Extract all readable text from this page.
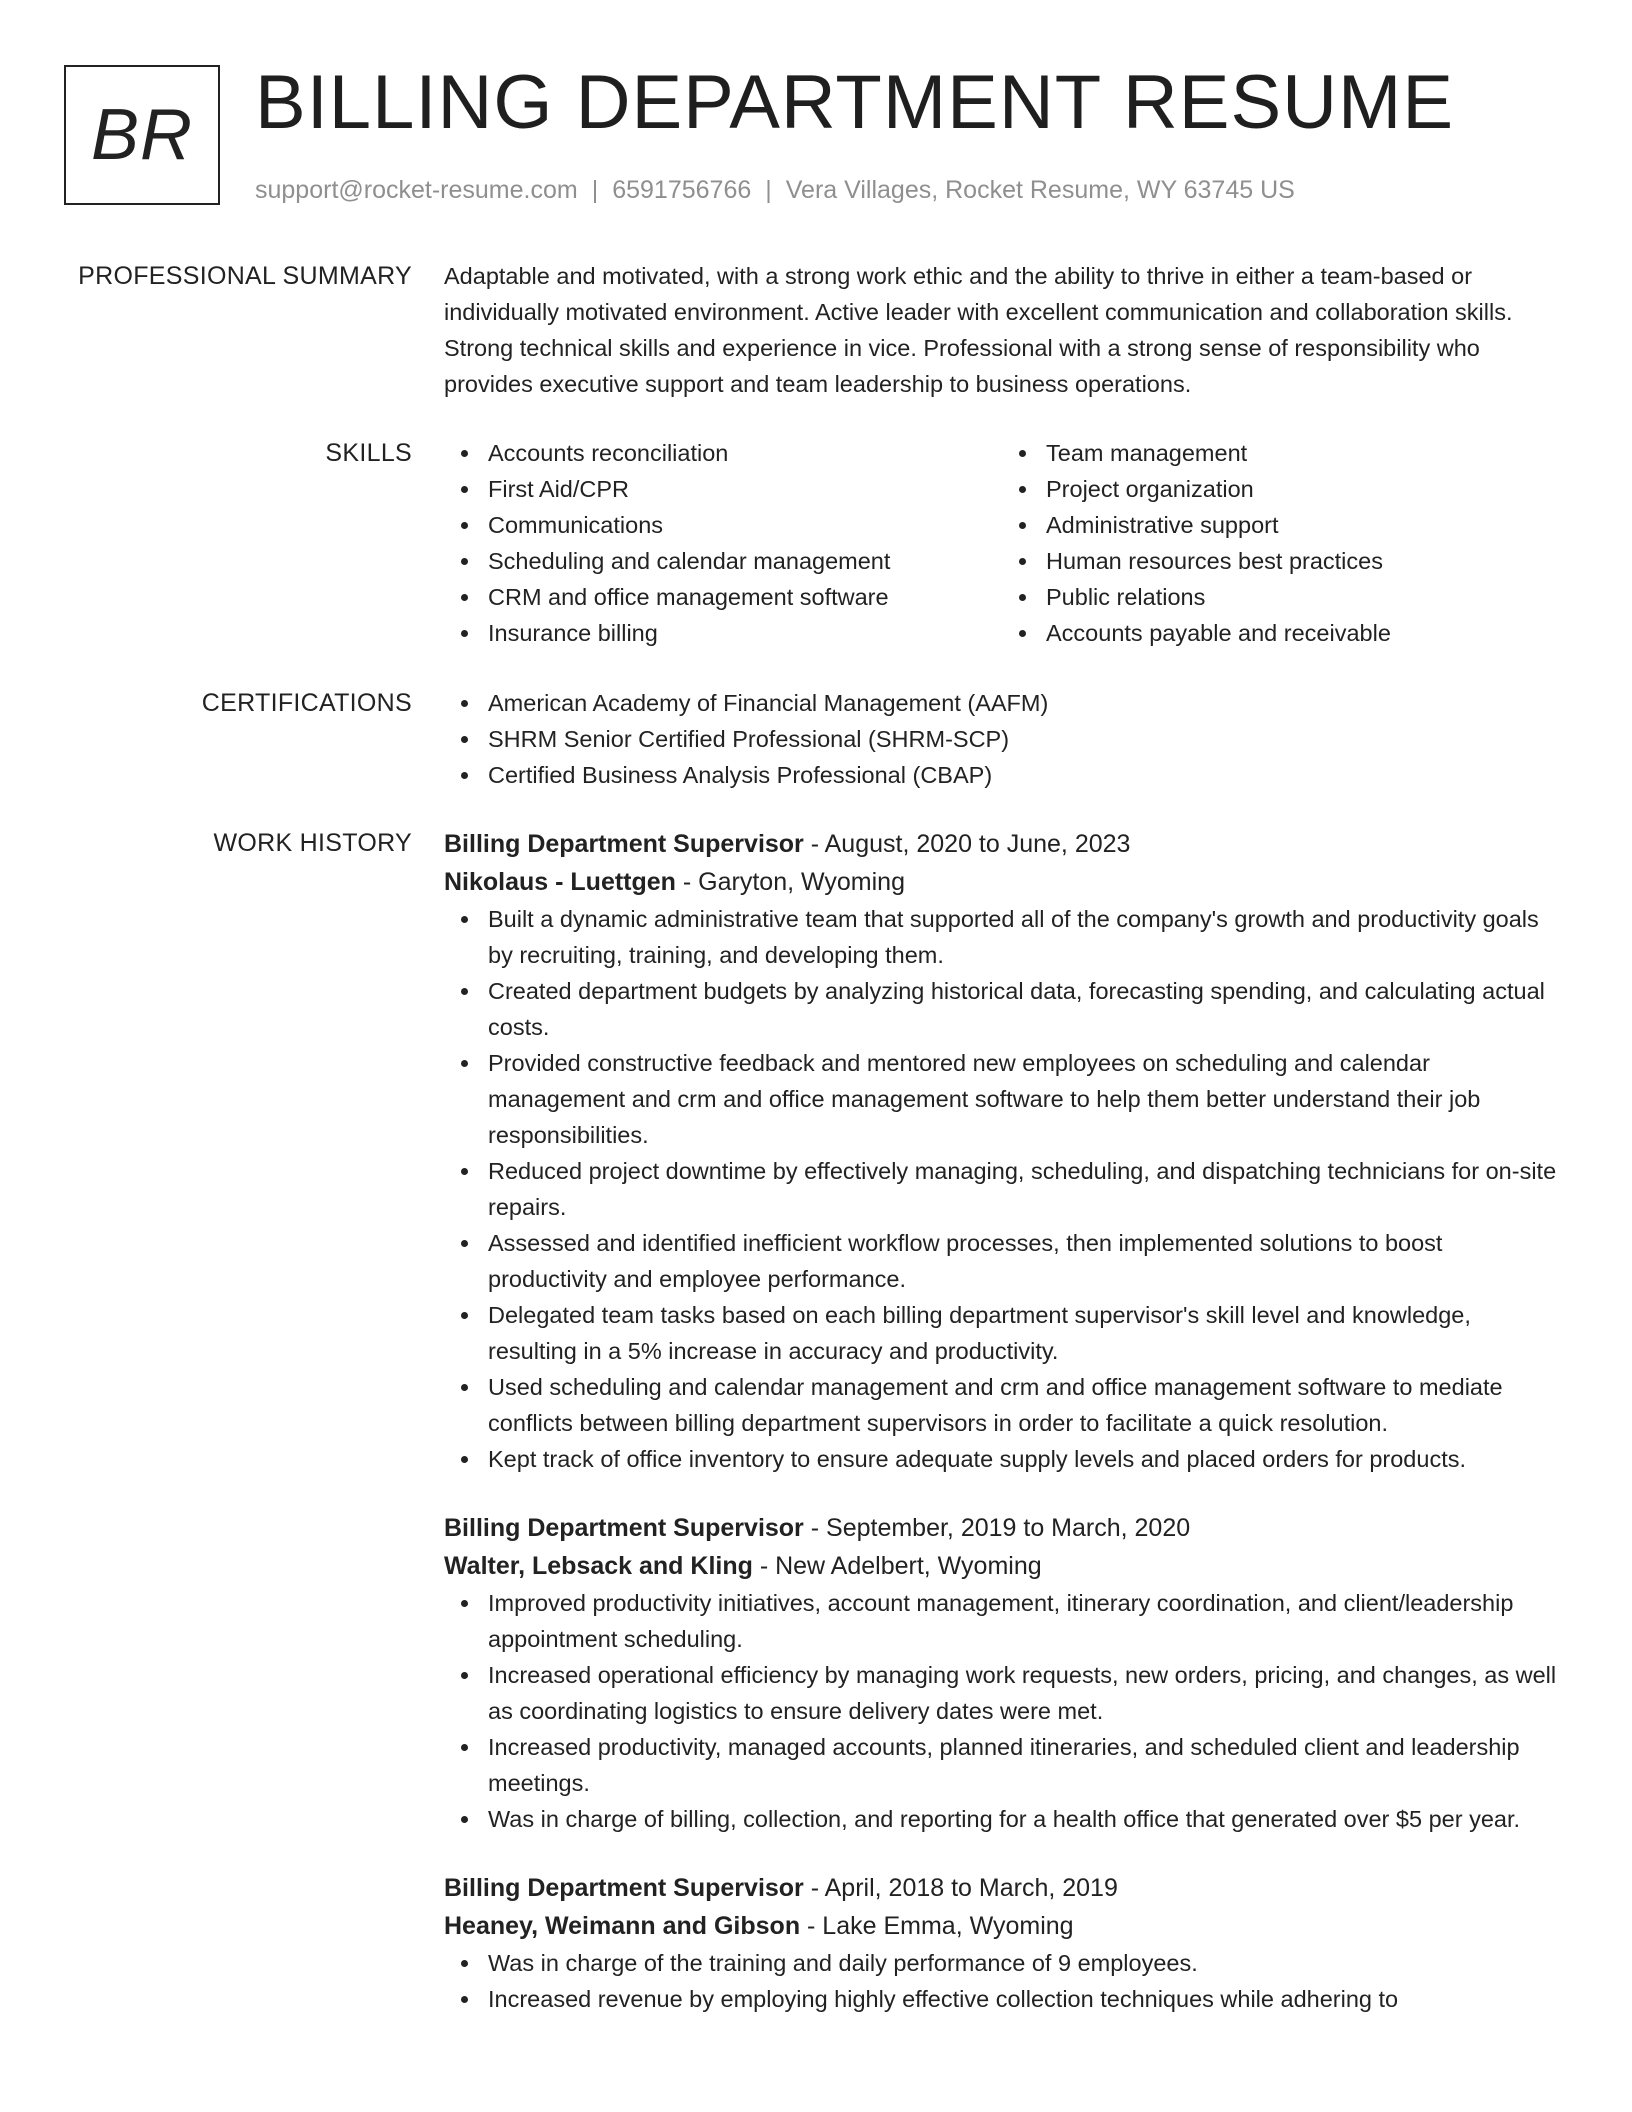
BR BILLING DEPARTMENT RESUME
support@rocket-resume.com | 6591756766 | Vera Villages, Rocket Resume, WY 63745 US
PROFESSIONAL SUMMARY Adaptable and motivated, with a strong work ethic and the ability to thrive in either a team-based or individually motivated environment. Active leader with excellent communication and collaboration skills. Strong technical skills and experience in vice. Professional with a strong sense of responsibility who provides executive support and team leadership to business operations.

SKILLS	Accounts reconciliation
First Aid/CPR
Communications
Scheduling and calendar management
CRM and office management software
Insurance billing
Team management
Project organization
Administrative support
Human resources best practices
Public relations
Accounts payable and receivable
CERTIFICATIONS	American Academy of Financial Management (AAFM)
SHRM Senior Certified Professional (SHRM-SCP)
Certified Business Analysis Professional (CBAP)
WORK HISTORY Billing Department Supervisor - August, 2020 to June, 2023
Nikolaus - Luettgen - Garyton, Wyoming
Built a dynamic administrative team that supported all of the company's growth and productivity goals by recruiting, training, and developing them.
Created department budgets by analyzing historical data, forecasting spending, and calculating actual costs.
Provided constructive feedback and mentored new employees on scheduling and calendar management and crm and office management software to help them better understand their job responsibilities.
Reduced project downtime by effectively managing, scheduling, and dispatching technicians for on-site repairs.
Assessed and identified inefficient workflow processes, then implemented solutions to boost productivity and employee performance.
Delegated team tasks based on each billing department supervisor's skill level and knowledge, resulting in a 5% increase in accuracy and productivity.
Used scheduling and calendar management and crm and office management software to mediate conflicts between billing department supervisors in order to facilitate a quick resolution.
Kept track of office inventory to ensure adequate supply levels and placed orders for products.
Billing Department Supervisor - September, 2019 to March, 2020
Walter, Lebsack and Kling - New Adelbert, Wyoming
Improved productivity initiatives, account management, itinerary coordination, and client/leadership appointment scheduling.
Increased operational efficiency by managing work requests, new orders, pricing, and changes, as well as coordinating logistics to ensure delivery dates were met.
Increased productivity, managed accounts, planned itineraries, and scheduled client and leadership meetings.
Was in charge of billing, collection, and reporting for a health office that generated over $5 per year.
Billing Department Supervisor - April, 2018 to March, 2019
Heaney, Weimann and Gibson - Lake Emma, Wyoming
Was in charge of the training and daily performance of 9 employees.
Increased revenue by employing highly effective collection techniques while adhering to
